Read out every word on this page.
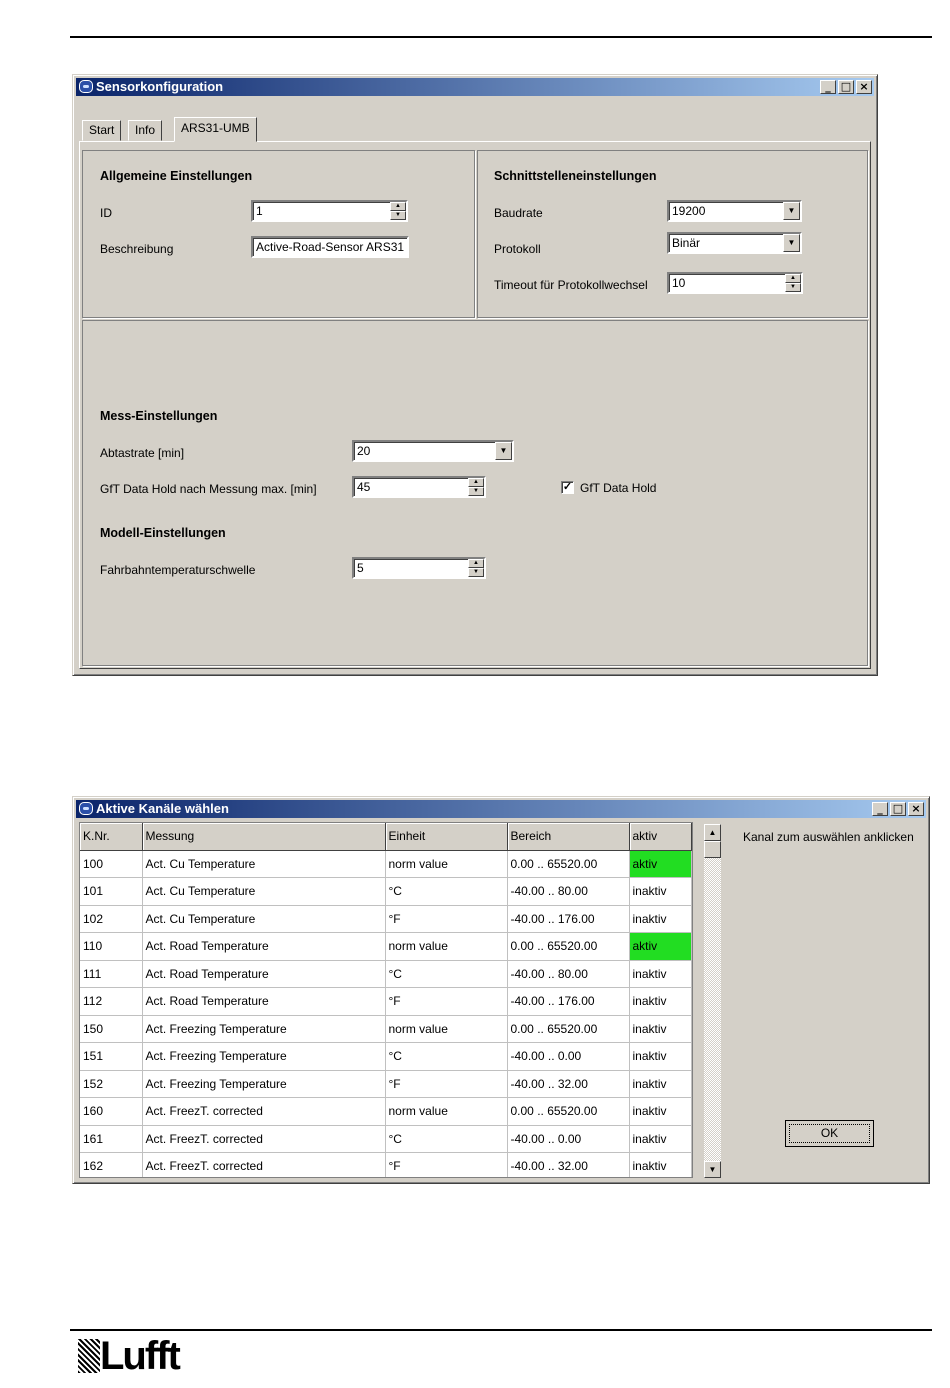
Sensorkonfiguration	_ □ ×
Start	Info	ARS31-UMB
Allgemeine Einstellungen
ID	1	▲
▼
Beschreibung	Active-Road-Sensor ARS31
Schnittstelleneinstellungen
Baudrate	19200	▼
Protokoll	Binär	▼
Timeout für Protokollwechsel	10	▲
▼
Mess-Einstellungen
Abtastrate [min]	20	▼
GfT Data Hold nach Messung max. [min]	45	▲
▼	✓ GfT Data Hold
Modell-Einstellungen
Fahrbahntemperaturschwelle	5	▲
▼
Aktive Kanäle wählen	_ □ ×
K.Nr.	Messung	Einheit	Bereich	aktiv
100	Act. Cu Temperature	norm value	0.00 .. 65520.00	aktiv
101	Act. Cu Temperature	°C	-40.00 .. 80.00	inaktiv
102	Act. Cu Temperature	°F	-40.00 .. 176.00	inaktiv
110	Act. Road Temperature	norm value	0.00 .. 65520.00	aktiv
111	Act. Road Temperature	°C	-40.00 .. 80.00	inaktiv
112	Act. Road Temperature	°F	-40.00 .. 176.00	inaktiv
150	Act. Freezing Temperature	norm value	0.00 .. 65520.00	inaktiv
151	Act. Freezing Temperature	°C	-40.00 .. 0.00	inaktiv
152	Act. Freezing Temperature	°F	-40.00 .. 32.00	inaktiv
160	Act. FreezT. corrected	norm value	0.00 .. 65520.00	inaktiv
161	Act. FreezT. corrected	°C	-40.00 .. 0.00	inaktiv
162	Act. FreezT. corrected	°F	-40.00 .. 32.00	inaktiv
▲
▼
Kanal zum auswählen anklicken
OK
Lufft
